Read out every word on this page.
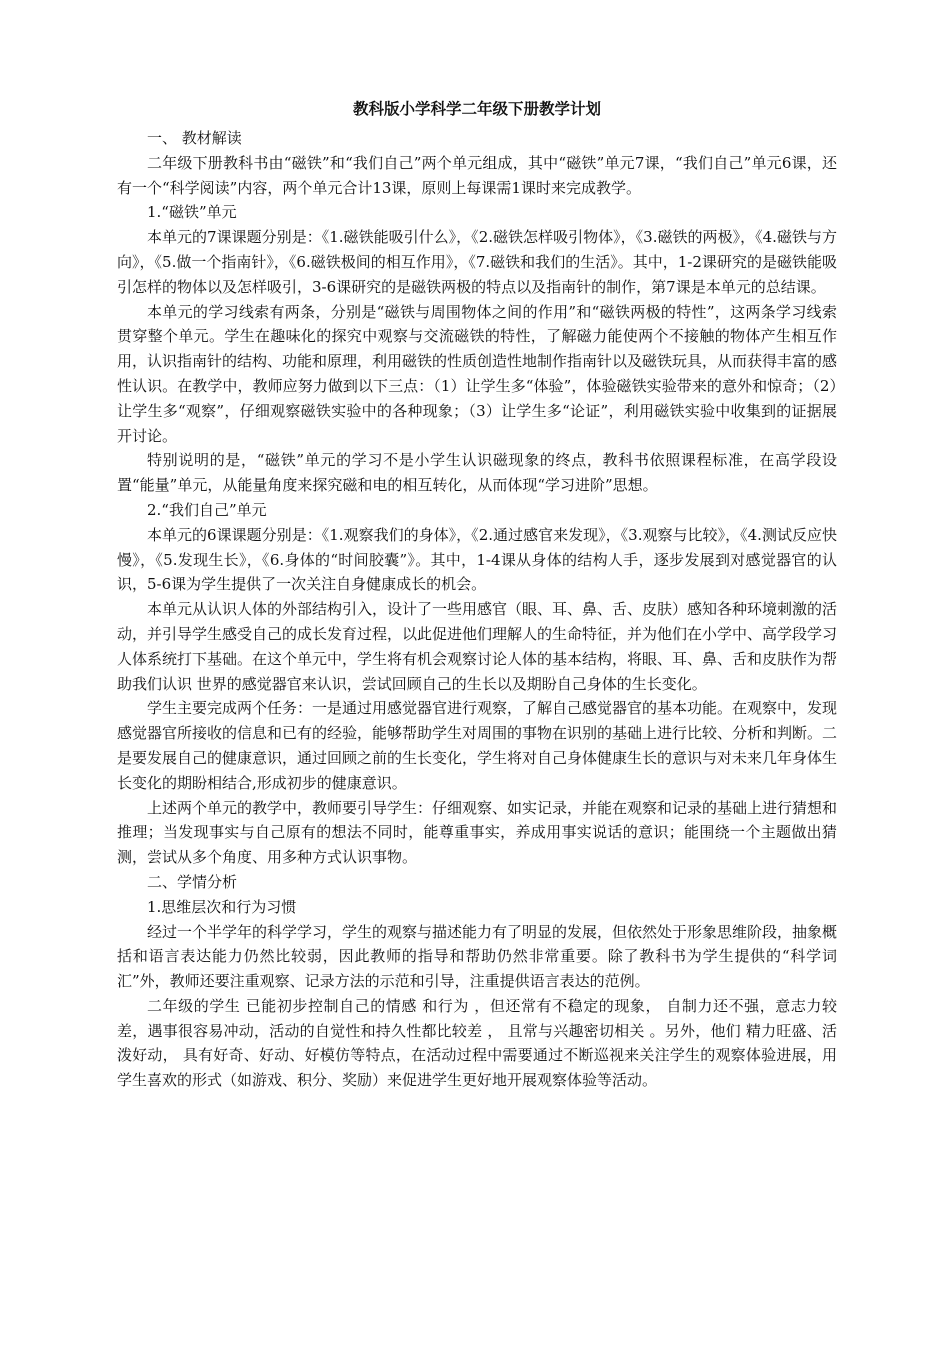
教科版小学科学二年级下册教学计划

一、 教材解读

二年级下册教科书由“磁铁”和“我们自己”两个单元组成，其中“磁铁”单元7课，“我们自己”单元6课，还有一个“科学阅读”内容，两个单元合计13课，原则上每课需1课时来完成教学。

1.“磁铁”单元

本单元的7课课题分别是：《1.磁铁能吸引什么》，《2.磁铁怎样吸引物体》，《3.磁铁的两极》，《4.磁铁与方向》，《5.做一个指南针》，《6.磁铁极间的相互作用》，《7.磁铁和我们的生活》。其中，1-2课研究的是磁铁能吸引怎样的物体以及怎样吸引，3-6课研究的是磁铁两极的特点以及指南针的制作，第7课是本单元的总结课。

本单元的学习线索有两条，分别是“磁铁与周围物体之间的作用”和“磁铁两极的特性”，这两条学习线索贯穿整个单元。学生在趣味化的探究中观察与交流磁铁的特性，了解磁力能使两个不接触的物体产生相互作用，认识指南针的结构、功能和原理，利用磁铁的性质创造性地制作指南针以及磁铁玩具，从而获得丰富的感性认识。在教学中，教师应努力做到以下三点：（1）让学生多“体验”，体验磁铁实验带来的意外和惊奇；（2）让学生多“观察”，仔细观察磁铁实验中的各种现象；（3）让学生多“论证”，利用磁铁实验中收集到的证据展开讨论。

特别说明的是，“磁铁”单元的学习不是小学生认识磁现象的终点，教科书依照课程标准，在高学段设置“能量”单元，从能量角度来探究磁和电的相互转化，从而体现“学习进阶”思想。

2.“我们自己”单元

本单元的6课课题分别是：《1.观察我们的身体》，《2.通过感官来发现》，《3.观察与比较》，《4.测试反应快慢》，《5.发现生长》，《6.身体的“时间胶囊”》。其中，1-4课从身体的结构人手，逐步发展到对感觉器官的认识，5-6课为学生提供了一次关注自身健康成长的机会。

本单元从认识人体的外部结构引入，设计了一些用感官（眼、耳、鼻、舌、皮肤）感知各种环境刺激的活动，并引导学生感受自己的成长发育过程，以此促进他们理解人的生命特征，并为他们在小学中、高学段学习人体系统打下基础。在这个单元中，学生将有机会观察讨论人体的基本结构，将眼、耳、鼻、舌和皮肤作为帮助我们认识 世界的感觉器官来认识，尝试回顾自己的生长以及期盼自己身体的生长变化。

学生主要完成两个任务：一是通过用感觉器官进行观察，了解自己感觉器官的基本功能。在观察中，发现感觉器官所接收的信息和已有的经验，能够帮助学生对周围的事物在识别的基础上进行比较、分析和判断。二是要发展自己的健康意识，通过回顾之前的生长变化，学生将对自己身体健康生长的意识与对未来几年身体生长变化的期盼相结合,形成初步的健康意识。

上述两个单元的教学中，教师要引导学生：仔细观察、如实记录，并能在观察和记录的基础上进行猜想和推理；当发现事实与自己原有的想法不同时，能尊重事实，养成用事实说话的意识；能围绕一个主题做出猜测，尝试从多个角度、用多种方式认识事物。

二、学情分析

1.思维层次和行为习惯

经过一个半学年的科学学习，学生的观察与描述能力有了明显的发展，但依然处于形象思维阶段，抽象概括和语言表达能力仍然比较弱，因此教师的指导和帮助仍然非常重要。除了教科书为学生提供的“科学词汇”外，教师还要注重观察、记录方法的示范和引导，注重提供语言表达的范例。

二年级的学生 已能初步控制自己的情感 和行为 ，但还常有不稳定的现象， 自制力还不强，意志力较差，遇事很容易冲动，活动的自觉性和持久性都比较差 ， 且常与兴趣密切相关 。另外，他们 精力旺盛、活泼好动， 具有好奇、好动、好模仿等特点，在活动过程中需要通过不断巡视来关注学生的观察体验进展，用学生喜欢的形式（如游戏、积分、奖励）来促进学生更好地开展观察体验等活动。
